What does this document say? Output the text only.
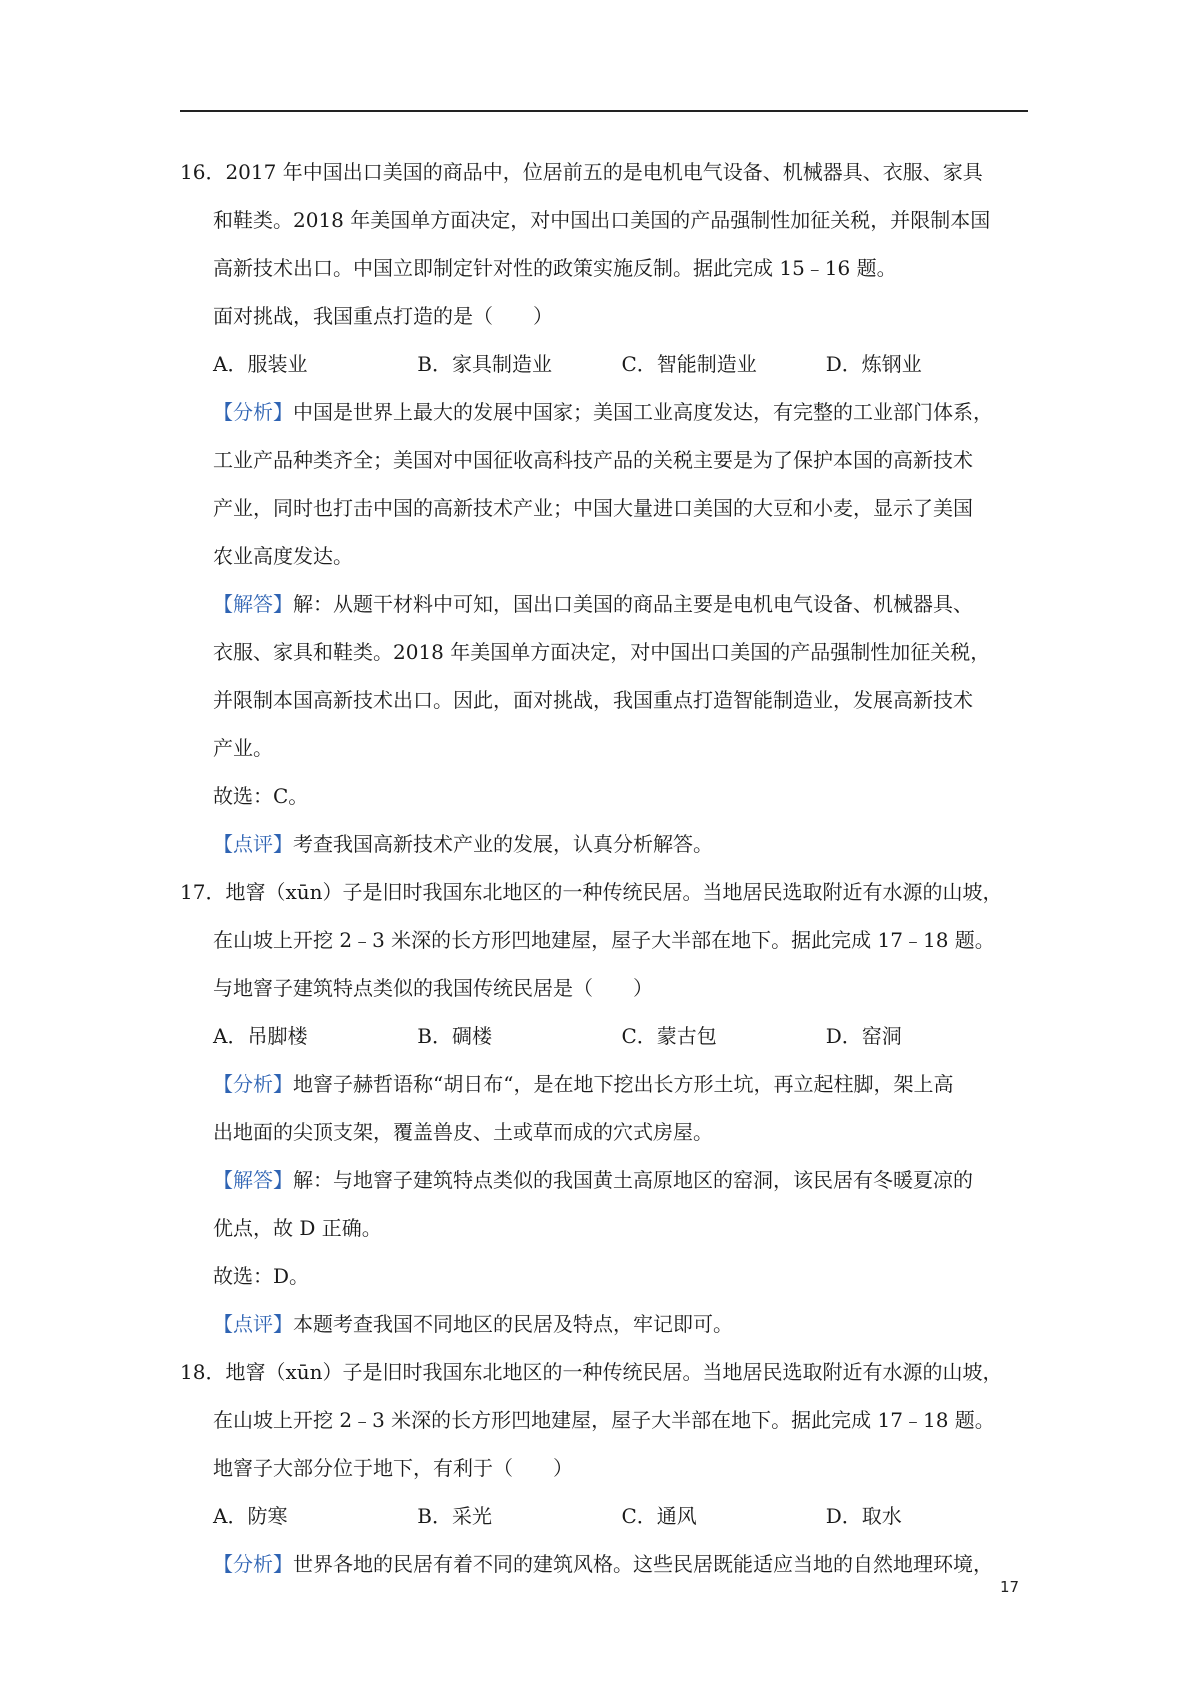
16．2017 年中国出口美国的商品中，位居前五的是电机电气设备、机械器具、衣服、家具
和鞋类。2018 年美国单方面决定，对中国出口美国的产品强制性加征关税，并限制本国
高新技术出口。中国立即制定针对性的政策实施反制。据此完成 15﹣16 题。
面对挑战，我国重点打造的是（　　）
A．服装业	B．家具制造业	C．智能制造业	D．炼钢业
【分析】中国是世界上最大的发展中国家；美国工业高度发达，有完整的工业部门体系，
工业产品种类齐全；美国对中国征收高科技产品的关税主要是为了保护本国的高新技术
产业，同时也打击中国的高新技术产业；中国大量进口美国的大豆和小麦，显示了美国
农业高度发达。
【解答】解：从题干材料中可知，国出口美国的商品主要是电机电气设备、机械器具、
衣服、家具和鞋类。2018 年美国单方面决定，对中国出口美国的产品强制性加征关税，
并限制本国高新技术出口。因此，面对挑战，我国重点打造智能制造业，发展高新技术
产业。
故选：C。
【点评】考查我国高新技术产业的发展，认真分析解答。
17．地窨（xūn）子是旧时我国东北地区的一种传统民居。当地居民选取附近有水源的山坡，
在山坡上开挖 2﹣3 米深的长方形凹地建屋，屋子大半部在地下。据此完成 17﹣18 题。
与地窨子建筑特点类似的我国传统民居是（　　）
A．吊脚楼	B．碉楼	C．蒙古包	D．窑洞
【分析】地窨子赫哲语称“胡日布“，是在地下挖出长方形土坑，再立起柱脚，架上高
出地面的尖顶支架，覆盖兽皮、土或草而成的穴式房屋。
【解答】解：与地窨子建筑特点类似的我国黄土高原地区的窑洞，该民居有冬暖夏凉的
优点，故 D 正确。
故选：D。
【点评】本题考查我国不同地区的民居及特点，牢记即可。
18．地窨（xūn）子是旧时我国东北地区的一种传统民居。当地居民选取附近有水源的山坡，
在山坡上开挖 2﹣3 米深的长方形凹地建屋，屋子大半部在地下。据此完成 17﹣18 题。
地窨子大部分位于地下，有利于（　　）
A．防寒	B．采光	C．通风	D．取水
【分析】世界各地的民居有着不同的建筑风格。这些民居既能适应当地的自然地理环境，
17
